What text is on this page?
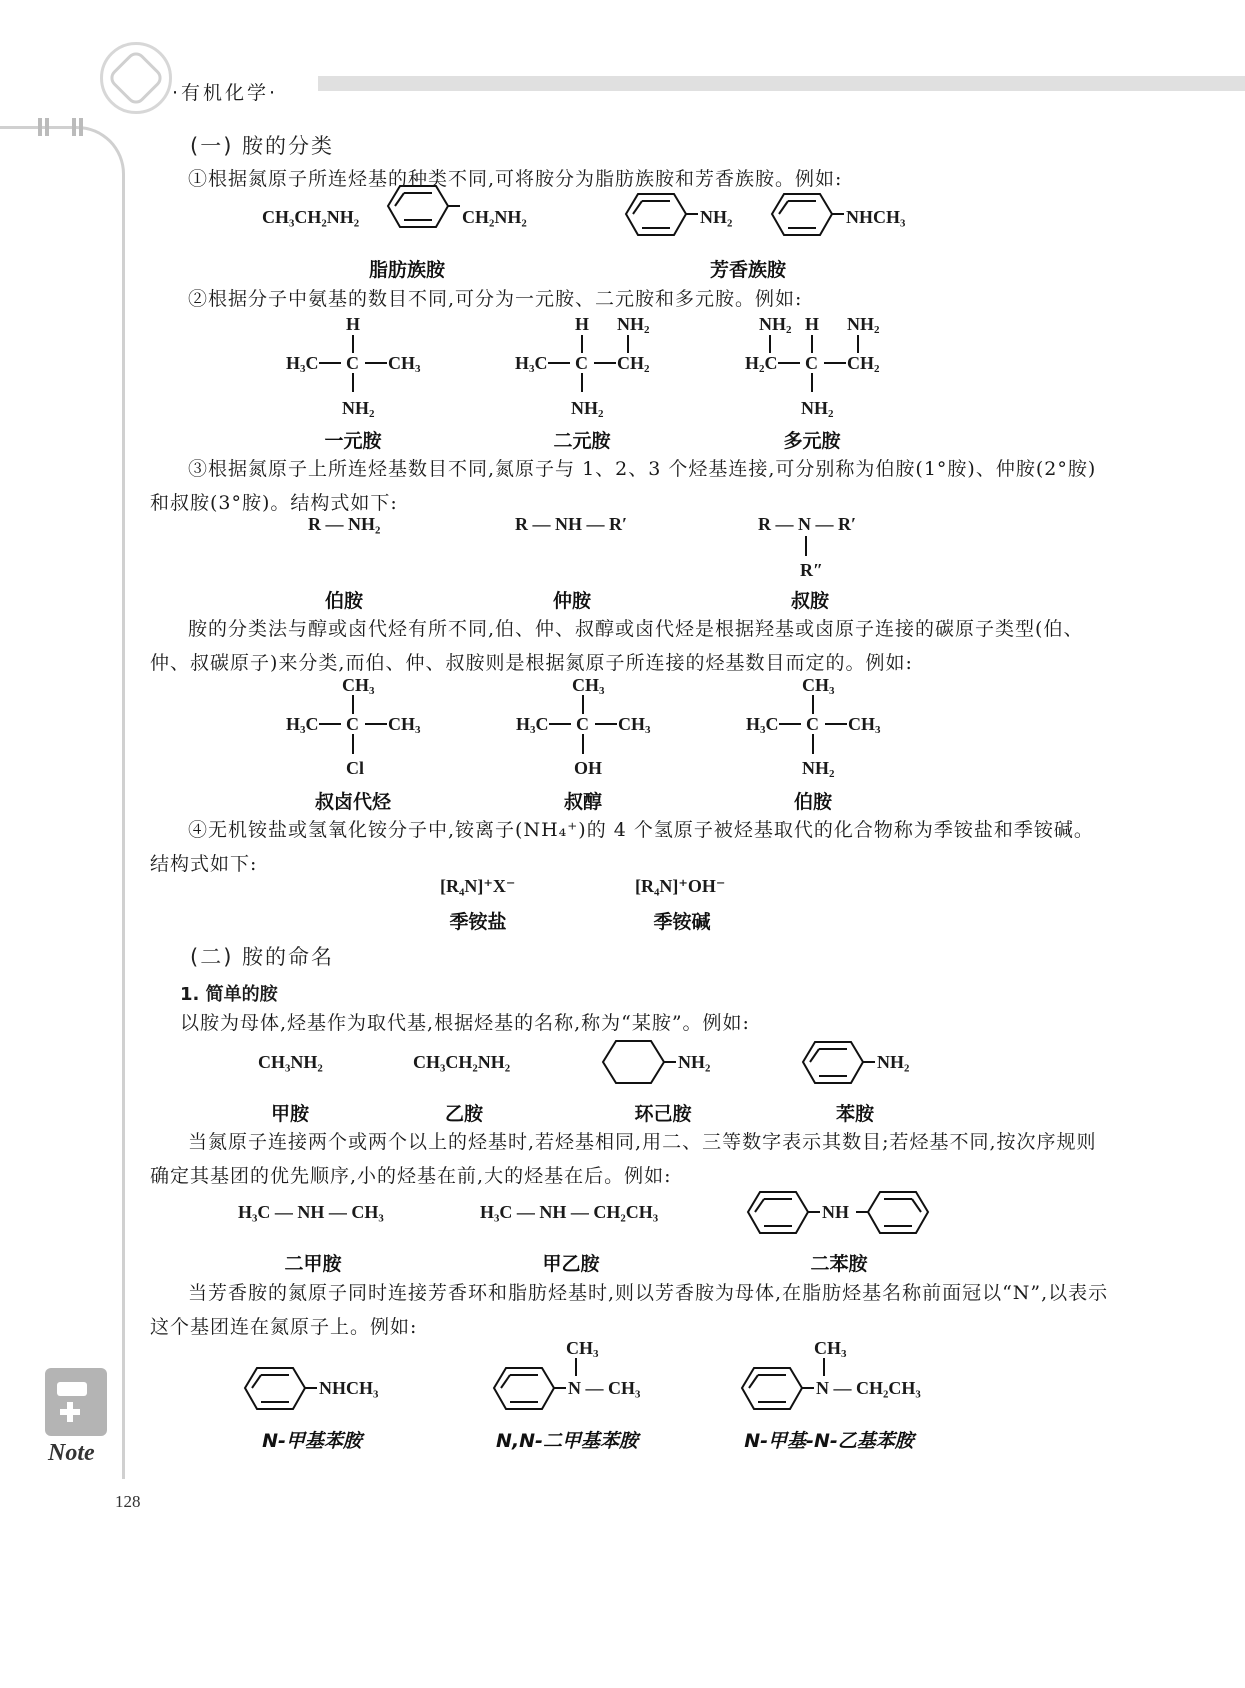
·有机化学·
Note
128
(一) 胺的分类
①根据氮原子所连烃基的种类不同,可将胺分为脂肪族胺和芳香族胺。例如:
CH₃CH₂NH₂	CH₂NH₂	NH₂	NHCH₃
脂肪族胺	芳香族胺
②根据分子中氨基的数目不同,可分为一元胺、二元胺和多元胺。例如:
H
$H_3C$ C $CH_3$
$NH_2$
H $NH_2$
$H_3C$ C $CH_2$
$NH_2$
$NH_2$ H $NH_2$
$H_2C$ C $CH_2$
$NH_2$
一元胺	二元胺	多元胺
③根据氮原子上所连烃基数目不同,氮原子与 1、2、3 个烃基连接,可分别称为伯胺(1°胺)、仲胺(2°胺)和叔胺(3°胺)。结构式如下:
R — NH₂	R — NH — R′	R — N — R′
R″
伯胺	仲胺	叔胺
胺的分类法与醇或卤代烃有所不同,伯、仲、叔醇或卤代烃是根据羟基或卤原子连接的碳原子类型(伯、仲、叔碳原子)来分类,而伯、仲、叔胺则是根据氮原子所连接的烃基数目而定的。例如:
$CH_3$
$H_3C$ C $CH_3$
Cl
$CH_3$
$H_3C$ C $CH_3$
OH
$CH_3$
$H_3C$ C $CH_3$
$NH_2$
叔卤代烃	叔醇	伯胺
④无机铵盐或氢氧化铵分子中,铵离子(NH₄⁺)的 4 个氢原子被烃基取代的化合物称为季铵盐和季铵碱。结构式如下:
[R₄N]⁺X⁻	[R₄N]⁺OH⁻
季铵盐	季铵碱
(二) 胺的命名
1. 简单的胺
以胺为母体,烃基作为取代基,根据烃基的名称,称为“某胺”。例如:
CH₃NH₂	CH₃CH₂NH₂	NH₂	NH₂
甲胺	乙胺	环己胺	苯胺
当氮原子连接两个或两个以上的烃基时,若烃基相同,用二、三等数字表示其数目;若烃基不同,按次序规则确定其基团的优先顺序,小的烃基在前,大的烃基在后。例如:
H₃C — NH — CH₃	H₃C — NH — CH₂CH₃	NH
二甲胺	甲乙胺	二苯胺
当芳香胺的氮原子同时连接芳香环和脂肪烃基时,则以芳香胺为母体,在脂肪烃基名称前面冠以“N”,以表示这个基团连在氮原子上。例如:
$CH_3$	$CH_3$
NHCH₃	N — CH₃	N — CH₂CH₃
N-甲基苯胺	N,N-二甲基苯胺	N-甲基-N-乙基苯胺
